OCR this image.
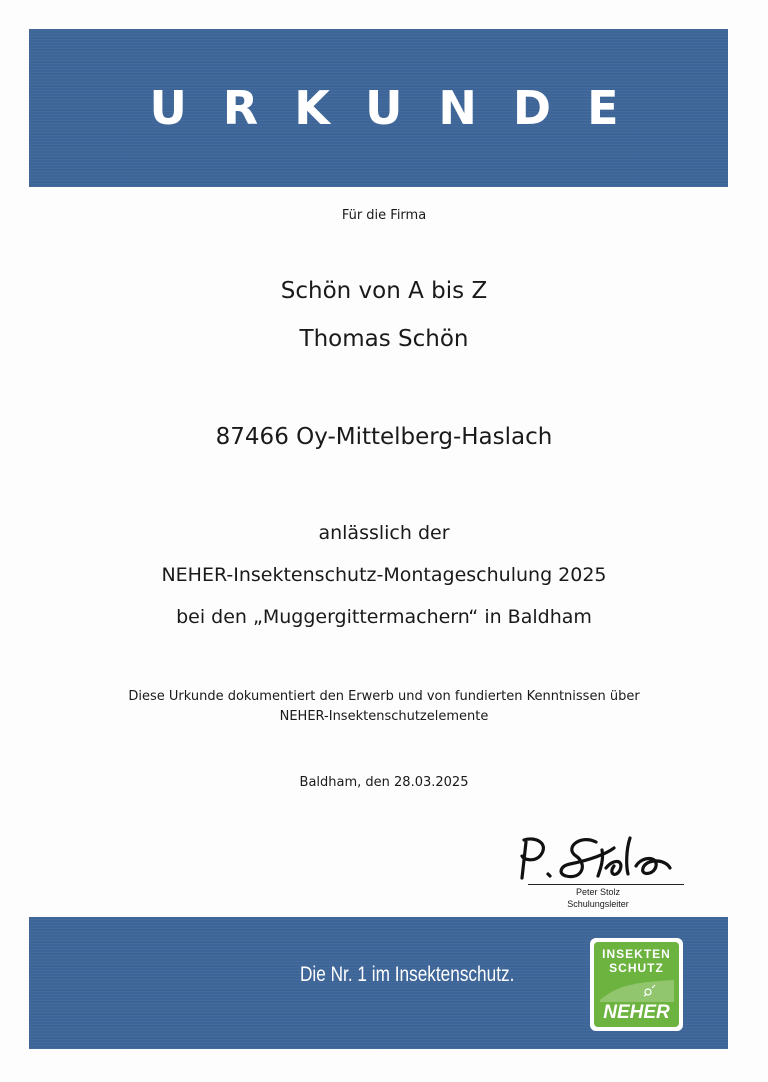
URKUNDE
Für die Firma
Schön von A bis Z
Thomas Schön
87466 Oy-Mittelberg-Haslach
anlässlich der
NEHER-Insektenschutz-Montageschulung 2025
bei den „Muggergittermachern“ in Baldham
Diese Urkunde dokumentiert den Erwerb und von fundierten Kenntnissen über
NEHER-Insektenschutzelemente
Baldham, den 28.03.2025
Peter Stolz
Schulungsleiter
Die Nr. 1 im Insektenschutz.
INSEKTEN
SCHUTZ
NEHER
